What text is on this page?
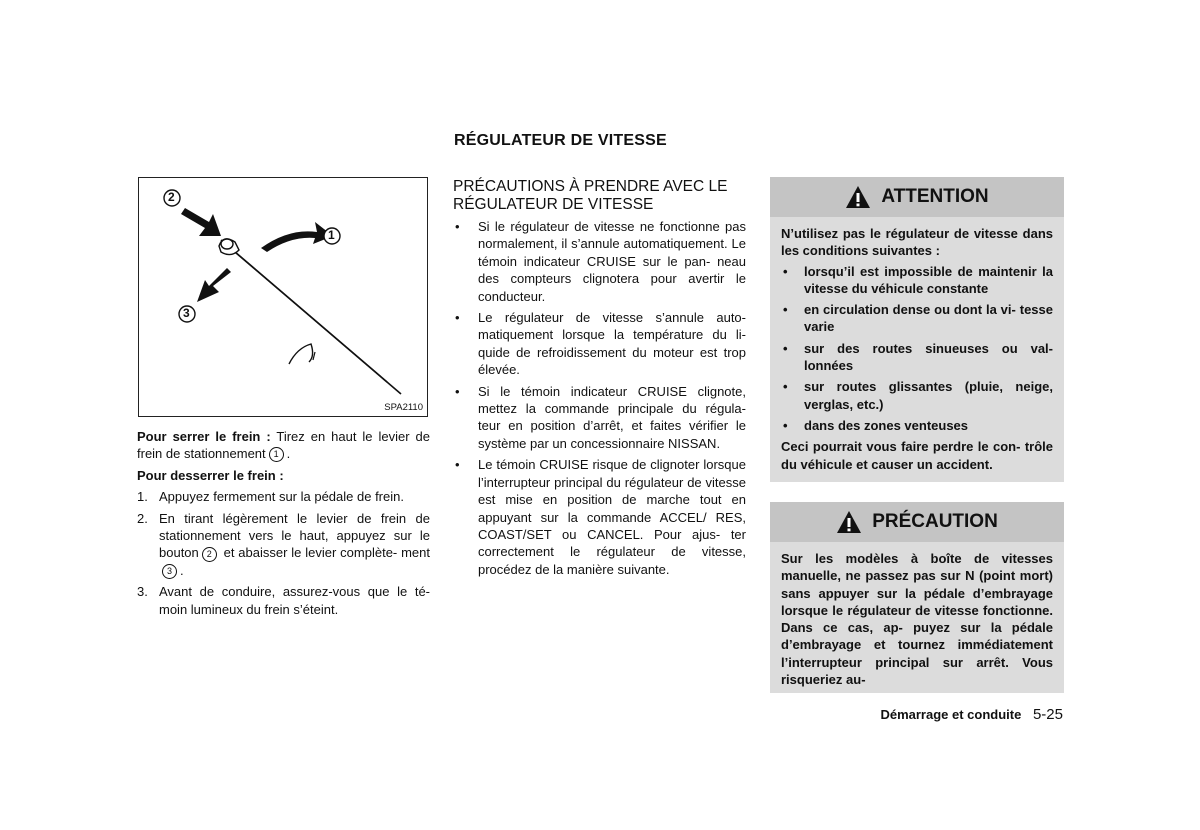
RÉGULATEUR DE VITESSE
2
1
3
SPA2110

Pour serrer le frein : Tirez en haut le levier de frein de stationnement 1 .

Pour desserrer le frein :

1. Appuyez fermement sur la pédale de frein.
2. En tirant légèrement le levier de frein de stationnement vers le haut, appuyez sur le bouton 2 et abaisser le levier complète- ment3 .
3. Avant de conduire, assurez-vous que le té- moin lumineux du frein s’éteint.
PRÉCAUTIONS À PRENDRE AVEC LE RÉGULATEUR DE VITESSE
• Si le régulateur de vitesse ne fonctionne pas normalement, il s’annule automatiquement. Le témoin indicateur CRUISE sur le pan- neau des compteurs clignotera pour avertir le conducteur.
• Le régulateur de vitesse s’annule auto- matiquement lorsque la température du li- quide de refroidissement du moteur est trop élevée.
• Si le témoin indicateur CRUISE clignote, mettez la commande principale du régula- teur en position d’arrêt, et faites vérifier le système par un concessionnaire NISSAN.
• Le témoin CRUISE risque de clignoter lorsque l’interrupteur principal du régulateur de vitesse est mise en position de marche tout en appuyant sur la commande ACCEL/ RES, COAST/SET ou CANCEL. Pour ajus- ter correctement le régulateur de vitesse, procédez de la manière suivante.
ATTENTION

N’utilisez pas le régulateur de vitesse dans les conditions suivantes :

• lorsqu’il est impossible de maintenir la vitesse du véhicule constante
• en circulation dense ou dont la vi- tesse varie
• sur des routes sinueuses ou val- lonnées
• sur routes glissantes (pluie, neige, verglas, etc.)
• dans des zones venteuses

Ceci pourrait vous faire perdre le con- trôle du véhicule et causer un accident.

PRÉCAUTION

Sur les modèles à boîte de vitesses manuelle, ne passez pas sur N (point mort) sans appuyer sur la pédale d’embrayage lorsque le régulateur de vitesse fonctionne. Dans ce cas, ap- puyez sur la pédale d’embrayage et tournez immédiatement l’interrupteur principal sur arrêt. Vous risqueriez au-

Démarrage et conduite 5-25
